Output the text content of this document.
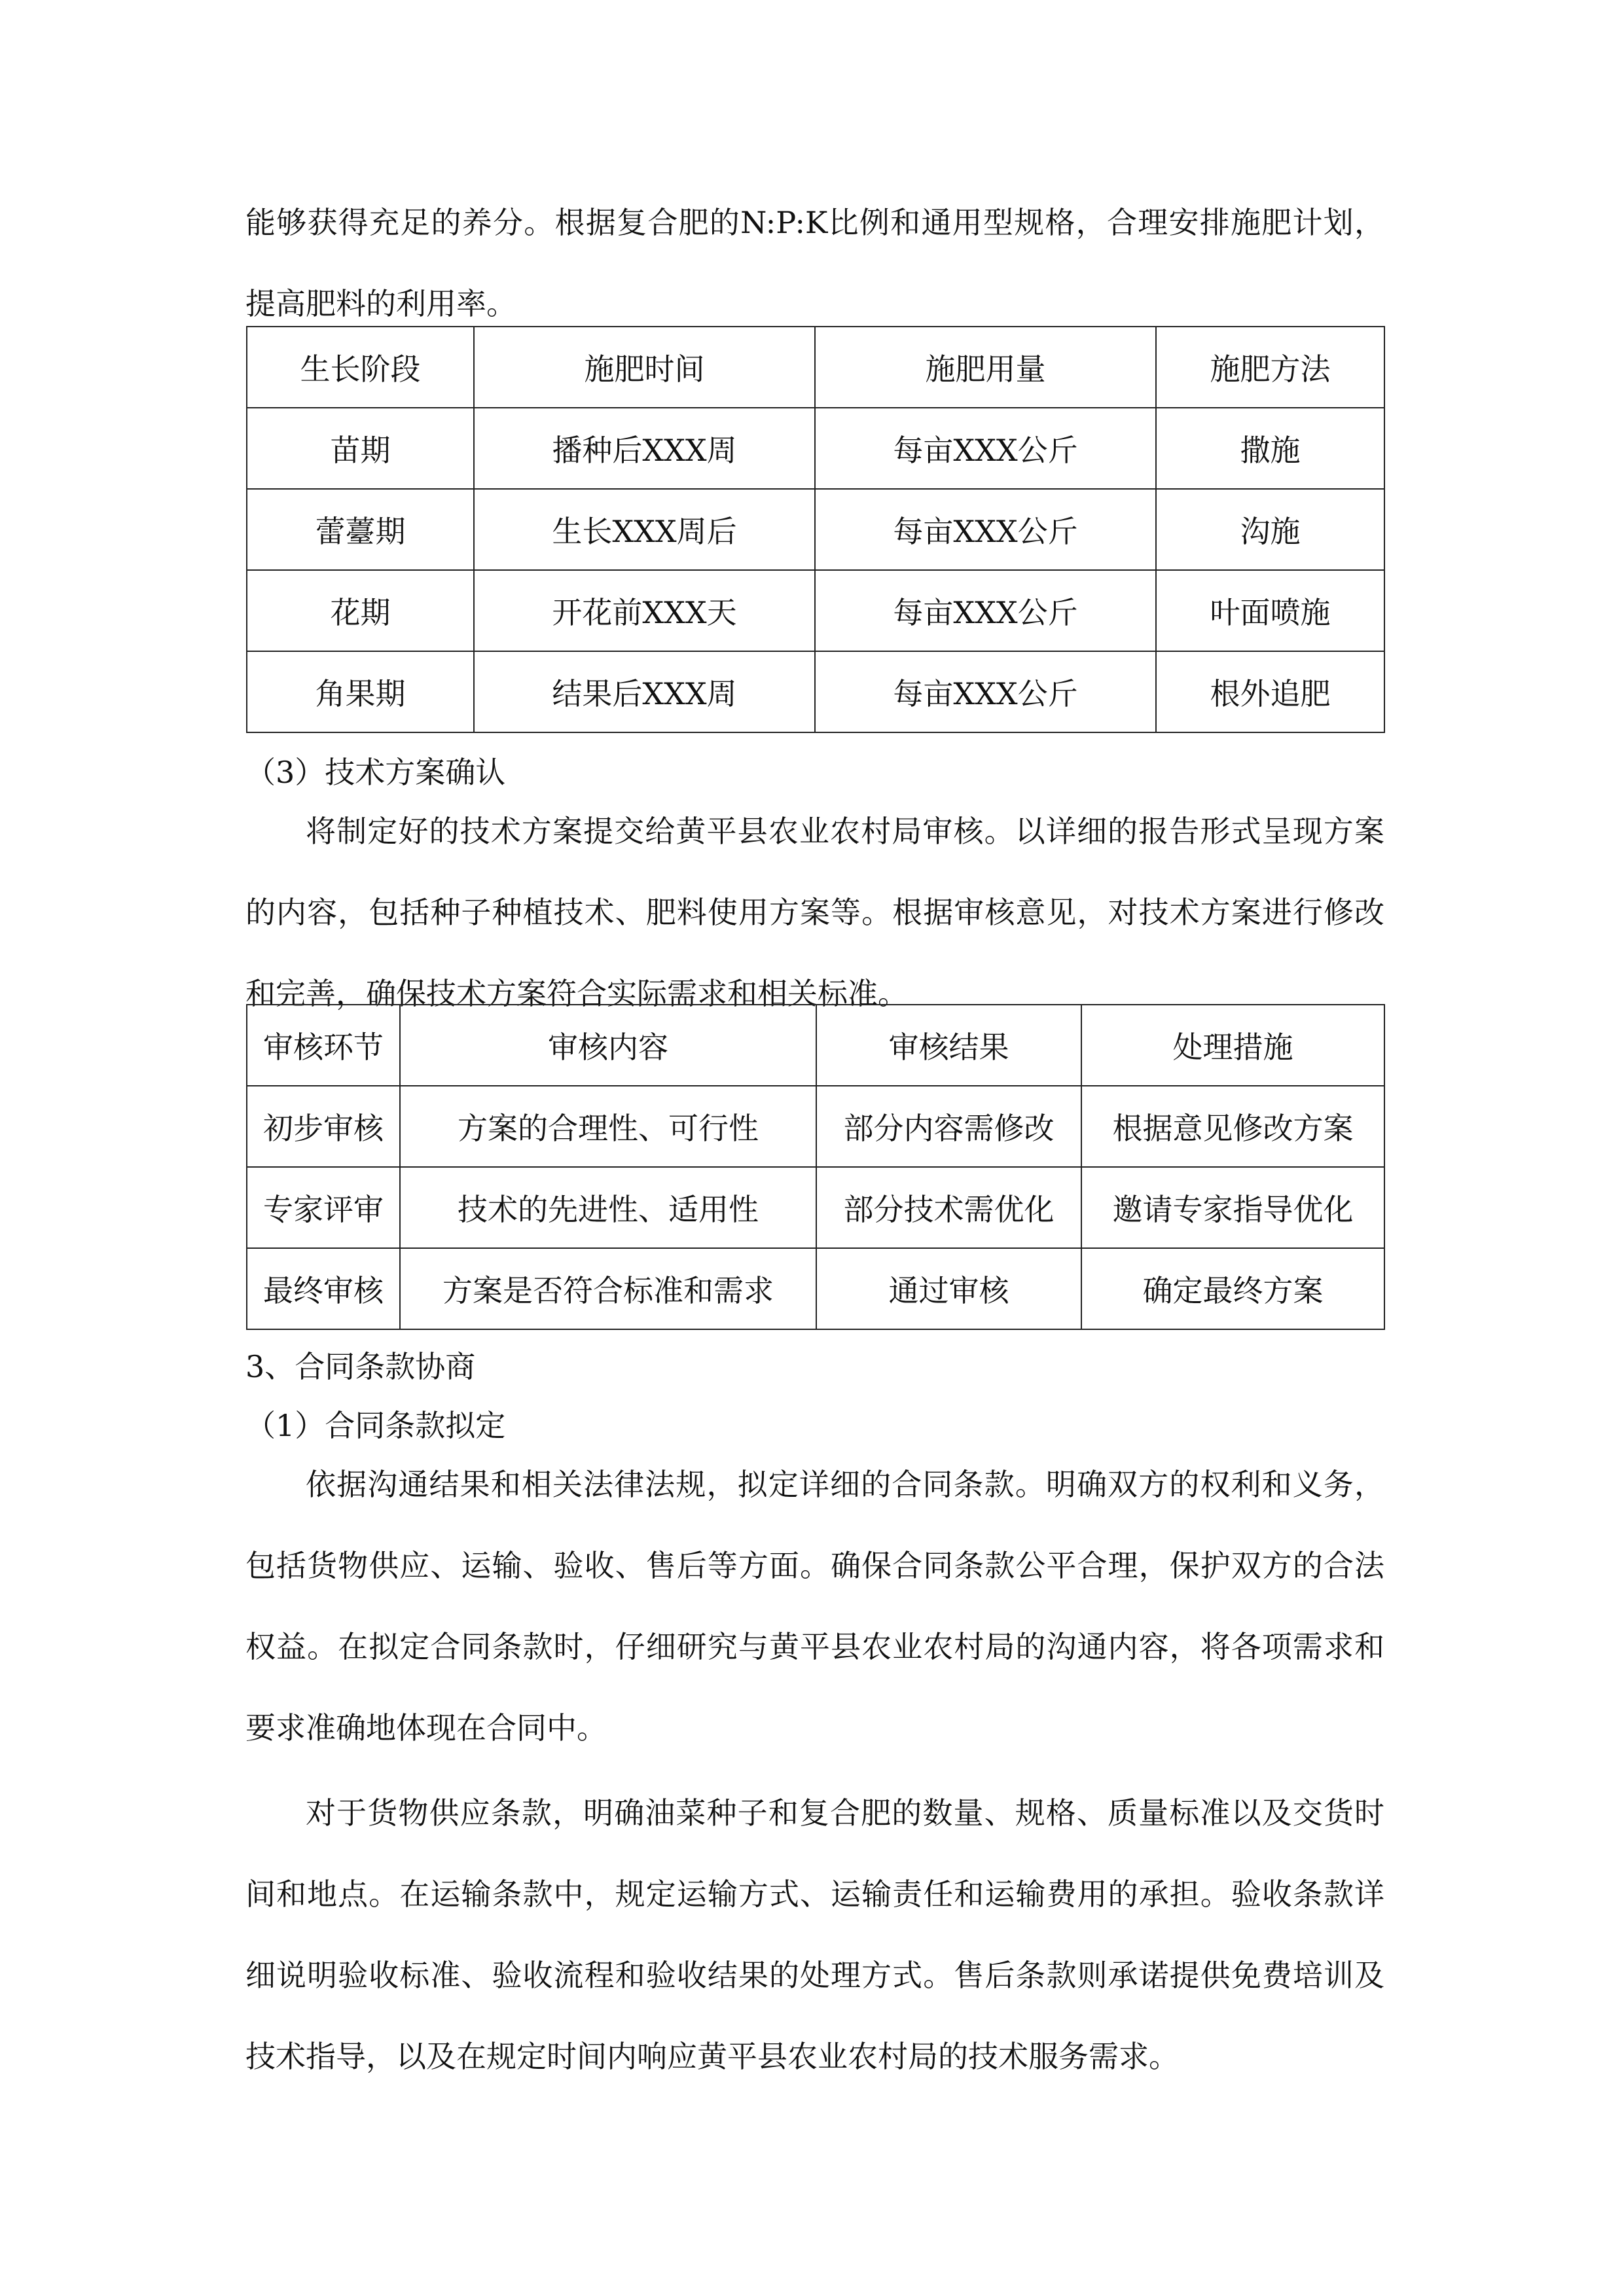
能够获得充足的养分。根据复合肥的N:P:K比例和通用型规格，合理安排施肥计划，提高肥料的利用率。

生长阶段	施肥时间	施肥用量	施肥方法
苗期	播种后XXX周	每亩XXX公斤	撒施
蕾薹期	生长XXX周后	每亩XXX公斤	沟施
花期	开花前XXX天	每亩XXX公斤	叶面喷施
角果期	结果后XXX周	每亩XXX公斤	根外追肥

（3）技术方案确认

将制定好的技术方案提交给黄平县农业农村局审核。以详细的报告形式呈现方案的内容，包括种子种植技术、肥料使用方案等。根据审核意见，对技术方案进行修改和完善，确保技术方案符合实际需求和相关标准。

审核环节	审核内容	审核结果	处理措施
初步审核	方案的合理性、可行性	部分内容需修改	根据意见修改方案
专家评审	技术的先进性、适用性	部分技术需优化	邀请专家指导优化
最终审核	方案是否符合标准和需求	通过审核	确定最终方案

3、合同条款协商

（1）合同条款拟定

依据沟通结果和相关法律法规，拟定详细的合同条款。明确双方的权利和义务，包括货物供应、运输、验收、售后等方面。确保合同条款公平合理，保护双方的合法权益。在拟定合同条款时，仔细研究与黄平县农业农村局的沟通内容，将各项需求和要求准确地体现在合同中。

对于货物供应条款，明确油菜种子和复合肥的数量、规格、质量标准以及交货时间和地点。在运输条款中，规定运输方式、运输责任和运输费用的承担。验收条款详细说明验收标准、验收流程和验收结果的处理方式。售后条款则承诺提供免费培训及技术指导，以及在规定时间内响应黄平县农业农村局的技术服务需求。
